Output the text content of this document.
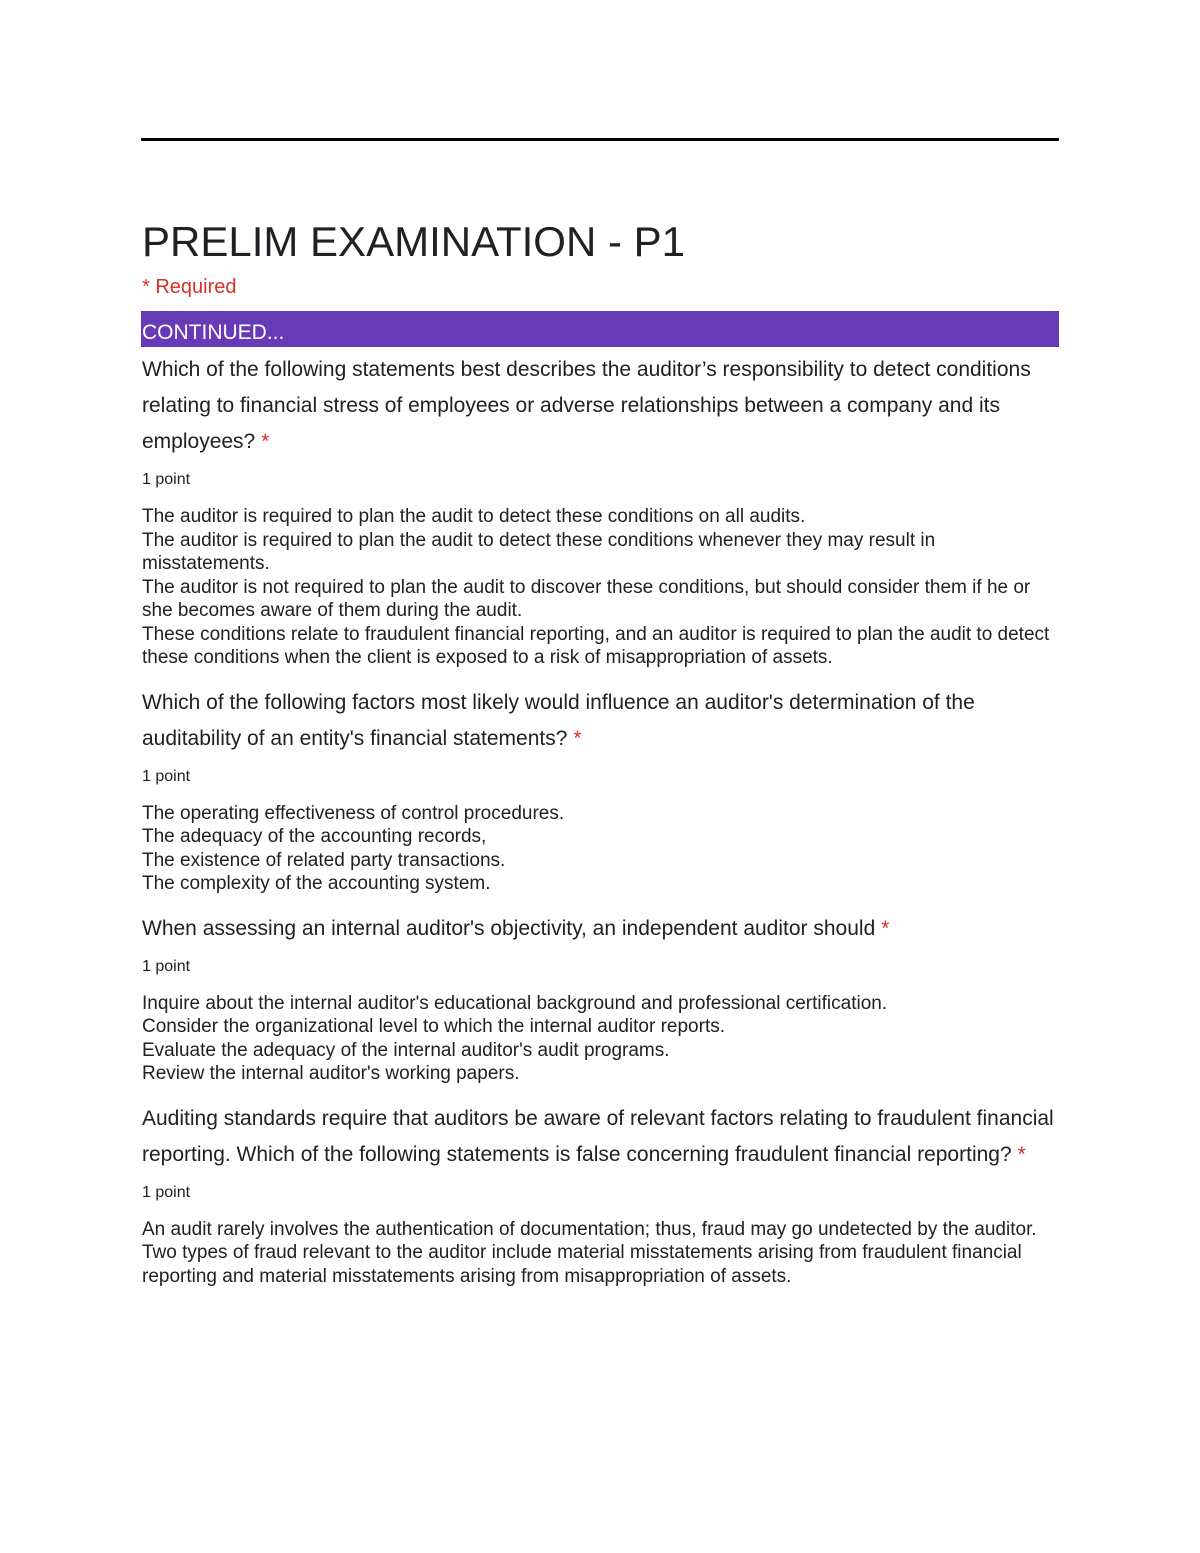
PRELIM EXAMINATION - P1
* Required
CONTINUED...
Which of the following statements best describes the auditor’s responsibility to detect conditions relating to financial stress of employees or adverse relationships between a company and its employees? *
1 point
The auditor is required to plan the audit to detect these conditions on all audits.
The auditor is required to plan the audit to detect these conditions whenever they may result in misstatements.
The auditor is not required to plan the audit to discover these conditions, but should consider them if he or she becomes aware of them during the audit.
These conditions relate to fraudulent financial reporting, and an auditor is required to plan the audit to detect these conditions when the client is exposed to a risk of misappropriation of assets.
Which of the following factors most likely would influence an auditor's determination of the auditability of an entity's financial statements? *
1 point
The operating effectiveness of control procedures.
The adequacy of the accounting records,
The existence of related party transactions.
The complexity of the accounting system.
When assessing an internal auditor's objectivity, an independent auditor should *
1 point
Inquire about the internal auditor's educational background and professional certification.
Consider the organizational level to which the internal auditor reports.
Evaluate the adequacy of the internal auditor's audit programs.
Review the internal auditor's working papers.
Auditing standards require that auditors be aware of relevant factors relating to fraudulent financial reporting. Which of the following statements is false concerning fraudulent financial reporting? *
1 point
An audit rarely involves the authentication of documentation; thus, fraud may go undetected by the auditor.
Two types of fraud relevant to the auditor include material misstatements arising from fraudulent financial reporting and material misstatements arising from misappropriation of assets.
